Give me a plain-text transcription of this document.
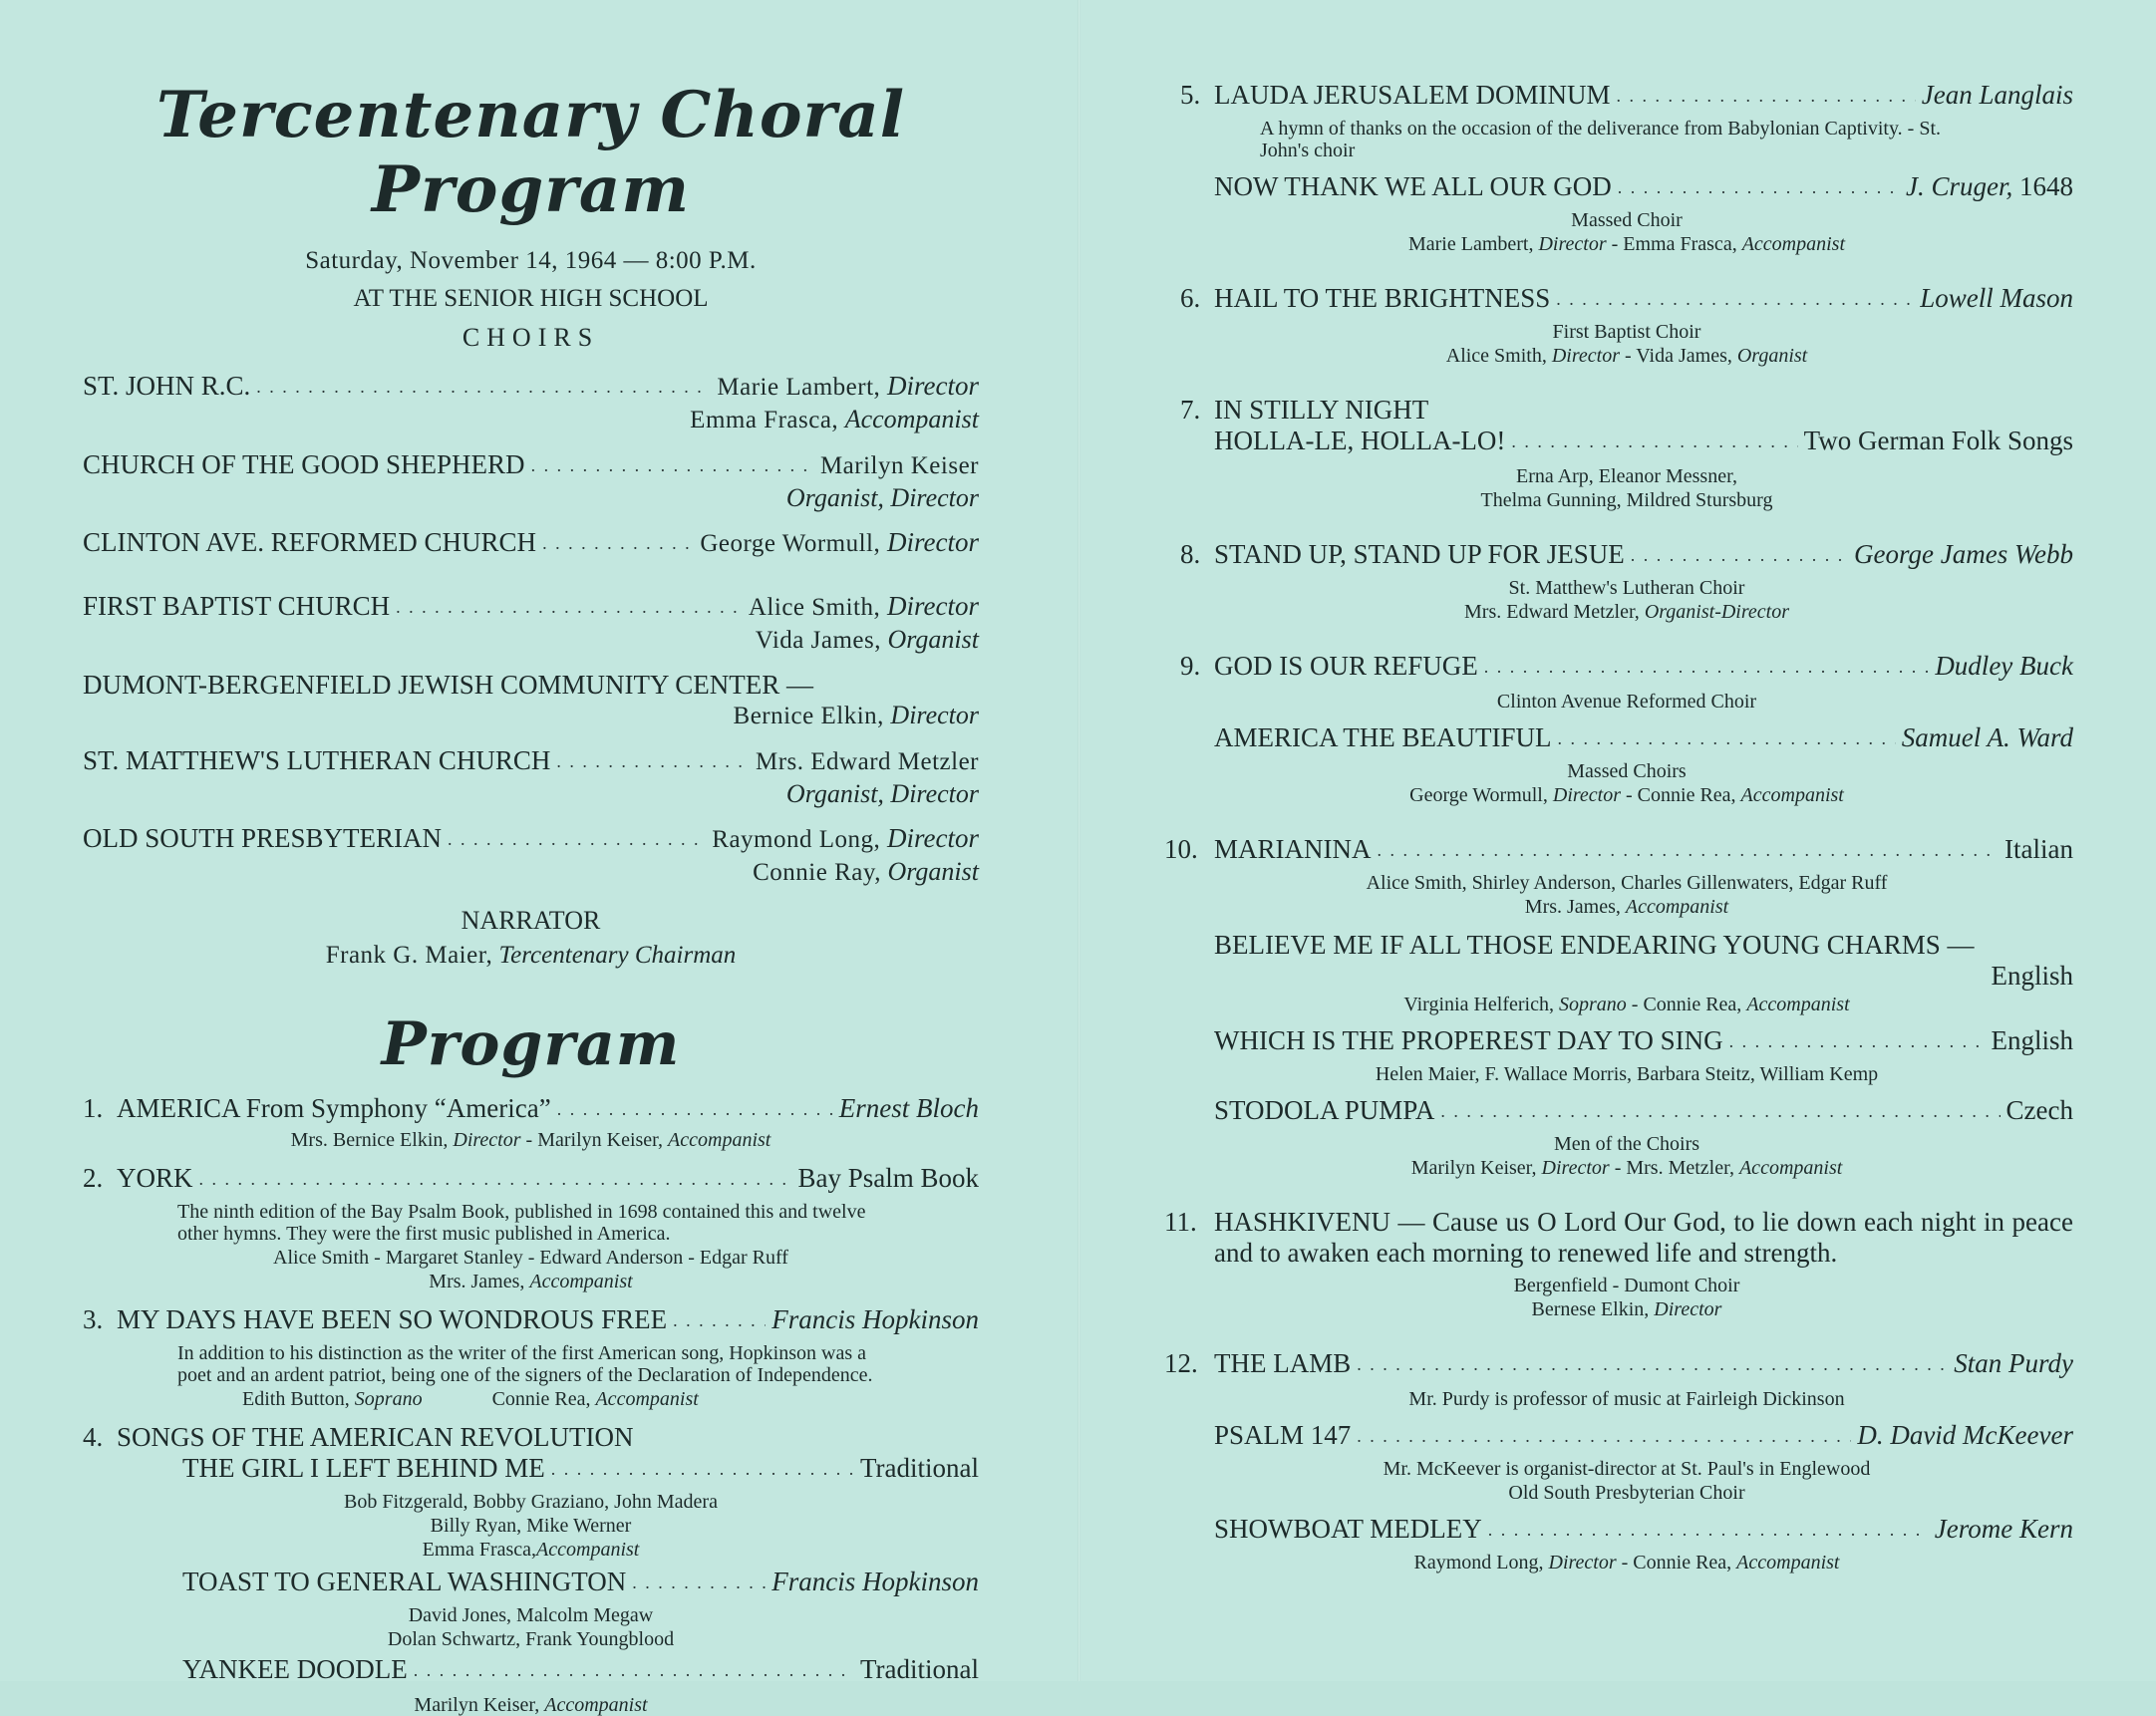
Tercentenary Choral Program
Saturday, November 14, 1964 — 8:00 P.M.
AT THE SENIOR HIGH SCHOOL
CHOIRS
ST. JOHN R.C. . . .	Marie Lambert, Director
Emma Frasca, Accompanist
CHURCH OF THE GOOD SHEPHERD . . .	Marilyn Keiser
Organist, Director
CLINTON AVE. REFORMED CHURCH . . .	George Wormull, Director
FIRST BAPTIST CHURCH . . .	Alice Smith, Director
Vida James, Organist
DUMONT-BERGENFIELD JEWISH COMMUNITY CENTER —
Bernice Elkin, Director
ST. MATTHEW'S LUTHERAN CHURCH . . .	Mrs. Edward Metzler
Organist, Director
OLD SOUTH PRESBYTERIAN . . .	Raymond Long, Director
Connie Ray, Organist
NARRATOR
Frank G. Maier, Tercentenary Chairman
Program
1. AMERICA From Symphony “America” . . .	Ernest Bloch
Mrs. Bernice Elkin, Director - Marilyn Keiser, Accompanist
2. YORK . . .	Bay Psalm Book
The ninth edition of the Bay Psalm Book, published in 1698 contained this and twelve other hymns. They were the first music published in America.
Alice Smith - Margaret Stanley - Edward Anderson - Edgar Ruff
Mrs. James, Accompanist
3. MY DAYS HAVE BEEN SO WONDROUS FREE . . .	Francis Hopkinson
In addition to his distinction as the writer of the first American song, Hopkinson was a poet and an ardent patriot, being one of the signers of the Declaration of Independence.
Edith Button, Soprano	Connie Rea, Accompanist
4. SONGS OF THE AMERICAN REVOLUTION
THE GIRL I LEFT BEHIND ME . . .	Traditional
Bob Fitzgerald, Bobby Graziano, John Madera
Billy Ryan, Mike Werner
Emma Frasca,Accompanist
TOAST TO GENERAL WASHINGTON . . .	Francis Hopkinson
David Jones, Malcolm Megaw
Dolan Schwartz, Frank Youngblood
YANKEE DOODLE . . .	Traditional
Marilyn Keiser, Accompanist
5. LAUDA JERUSALEM DOMINUM . . .	Jean Langlais
A hymn of thanks on the occasion of the deliverance from Babylonian Captivity. - St. John's choir
NOW THANK WE ALL OUR GOD . . .	J. Cruger, 1648
Massed Choir
Marie Lambert, Director - Emma Frasca, Accompanist
6. HAIL TO THE BRIGHTNESS . . .	Lowell Mason
First Baptist Choir
Alice Smith, Director - Vida James, Organist
7. IN STILLY NIGHT
HOLLA-LE, HOLLA-LO! . . .	Two German Folk Songs
Erna Arp, Eleanor Messner,
Thelma Gunning, Mildred Stursburg
8. STAND UP, STAND UP FOR JESUE . . .	George James Webb
St. Matthew's Lutheran Choir
Mrs. Edward Metzler, Organist-Director
9. GOD IS OUR REFUGE . . .	Dudley Buck
Clinton Avenue Reformed Choir
AMERICA THE BEAUTIFUL . . .	Samuel A. Ward
Massed Choirs
George Wormull, Director - Connie Rea, Accompanist
10. MARIANINA . . .	Italian
Alice Smith, Shirley Anderson, Charles Gillenwaters, Edgar Ruff
Mrs. James, Accompanist
BELIEVE ME IF ALL THOSE ENDEARING YOUNG CHARMS —
English
Virginia Helferich, Soprano - Connie Rea, Accompanist
WHICH IS THE PROPEREST DAY TO SING . . .	English
Helen Maier, F. Wallace Morris, Barbara Steitz, William Kemp
STODOLA PUMPA . . .	Czech
Men of the Choirs
Marilyn Keiser, Director - Mrs. Metzler, Accompanist
11. HASHKIVENU — Cause us O Lord Our God, to lie down each night in peace and to awaken each morning to renewed life and strength.
Bergenfield - Dumont Choir
Bernese Elkin, Director
12. THE LAMB . . .	Stan Purdy
Mr. Purdy is professor of music at Fairleigh Dickinson
PSALM 147 . . .	D. David McKeever
Mr. McKeever is organist-director at St. Paul's in Englewood
Old South Presbyterian Choir
SHOWBOAT MEDLEY . . .	Jerome Kern
Raymond Long, Director - Connie Rea, Accompanist
